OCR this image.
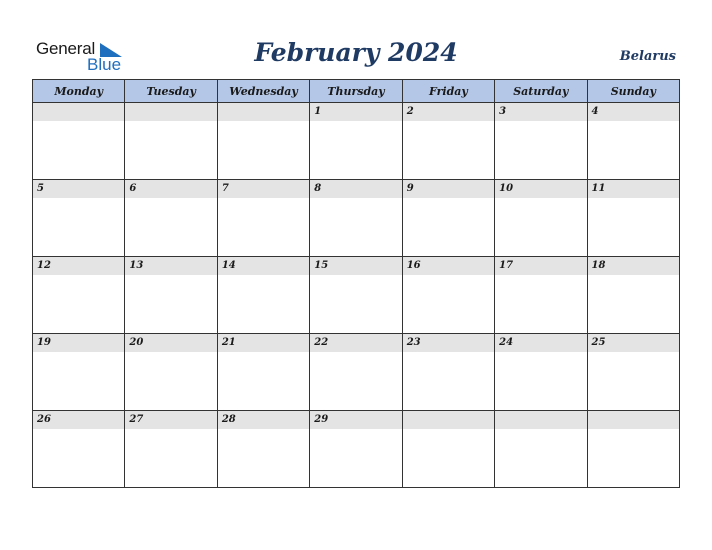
General
Blue	February 2024	Belarus
Monday	Tuesday	Wednesday	Thursday	Friday	Saturday	Sunday

			1	2	3	4

5	6	7	8	9	10	11

12	13	14	15	16	17	18

19	20	21	22	23	24	25

26	27	28	29			
